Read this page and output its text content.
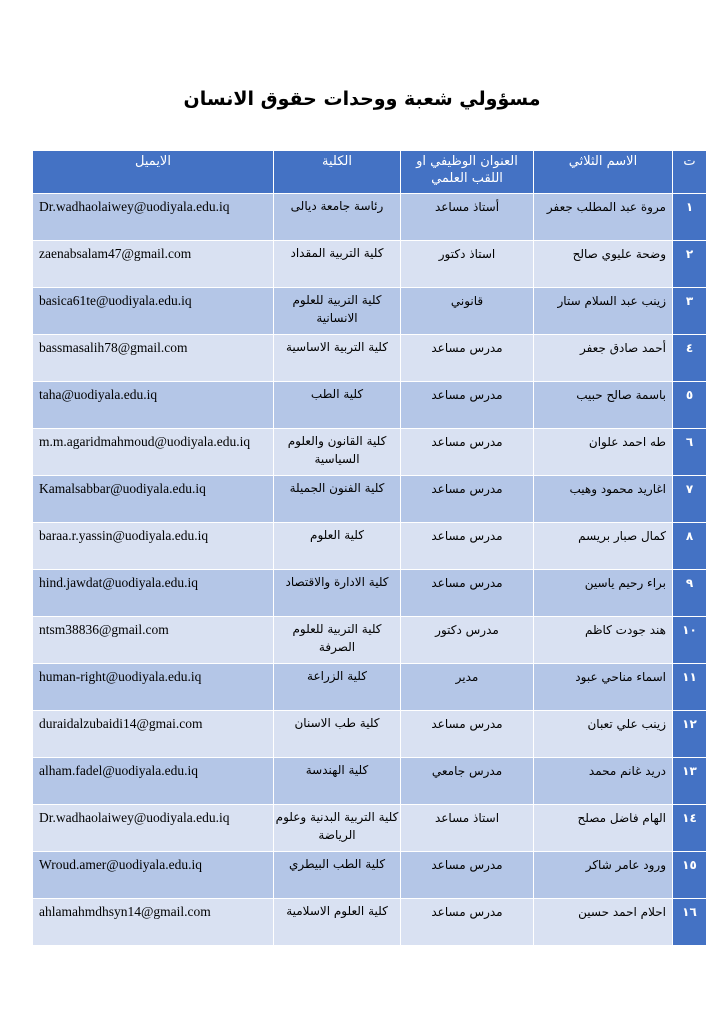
مسؤولي شعبة ووحدات حقوق الانسان
الايميل	الكلية	العنوان الوظيفي او اللقب العلمي	الاسم الثلاثي	ت
Dr.wadhaolaiwey@uodiyala.edu.iq	رئاسة جامعة ديالى	أستاذ مساعد	مروة عبد المطلب جعفر	١
zaenabsalam47@gmail.com	كلية التربية المقداد	استاذ دكتور	وضحة عليوي صالح	٢
basica61te@uodiyala.edu.iq	كلية التربية للعلوم الانسانية	قانوني	زينب عبد السلام ستار	٣
bassmasalih78@gmail.com	كلية التربية الاساسية	مدرس مساعد	أحمد صادق جعفر	٤
taha@uodiyala.edu.iq	كلية الطب	مدرس مساعد	باسمة صالح حبيب	٥
m.m.agaridmahmoud@uodiyala.edu.iq	كلية القانون والعلوم السياسية	مدرس مساعد	طه احمد علوان	٦
Kamalsabbar@uodiyala.edu.iq	كلية الفنون الجميلة	مدرس مساعد	اغاريد محمود وهيب	٧
baraa.r.yassin@uodiyala.edu.iq	كلية العلوم	مدرس مساعد	كمال صبار بريسم	٨
hind.jawdat@uodiyala.edu.iq	كلية الادارة والاقتصاد	مدرس مساعد	براء رحيم ياسين	٩
ntsm38836@gmail.com	كلية التربية للعلوم الصرفة	مدرس دكتور	هند جودت كاظم	١٠
human-right@uodiyala.edu.iq	كلية الزراعة	مدير	اسماء مناحي عبود	١١
duraidalzubaidi14@gmai.com	كلية طب الاسنان	مدرس مساعد	زينب علي تعبان	١٢
alham.fadel@uodiyala.edu.iq	كلية الهندسة	مدرس جامعي	دريد غانم محمد	١٣
Dr.wadhaolaiwey@uodiyala.edu.iq	كلية التربية البدنية وعلوم الرياضة	استاذ مساعد	الهام فاضل مصلح	١٤
Wroud.amer@uodiyala.edu.iq	كلية الطب البيطري	مدرس مساعد	ورود عامر شاكر	١٥
ahlamahmdhsyn14@gmail.com	كلية العلوم الاسلامية	مدرس مساعد	احلام احمد حسين	١٦
